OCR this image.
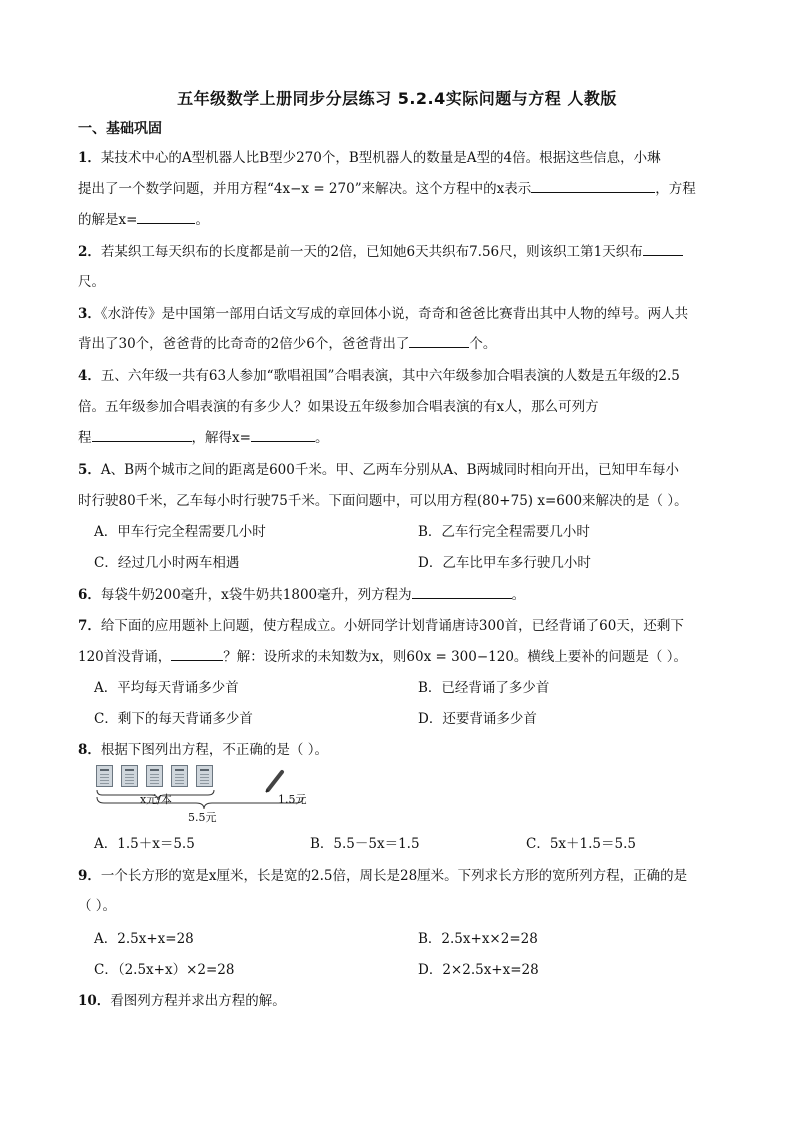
五年级数学上册同步分层练习 5.2.4实际问题与方程 人教版
一、基础巩固
1．某技术中心的A型机器人比B型少270个，B型机器人的数量是A型的4倍。根据这些信息，小琳
提出了一个数学问题，并用方程“4x−x = 270”来解决。这个方程中的x表示	，方程
的解是x=	。
2．若某织工每天织布的长度都是前一天的2倍，已知她6天共织布7.56尺，则该织工第1天织布
尺。
3．《水浒传》是中国第一部用白话文写成的章回体小说，奇奇和爸爸比赛背出其中人物的绰号。两人共
背出了30个，爸爸背的比奇奇的2倍少6个，爸爸背出了	个。
4．五、六年级一共有63人参加“歌唱祖国”合唱表演，其中六年级参加合唱表演的人数是五年级的2.5
倍。五年级参加合唱表演的有多少人？如果设五年级参加合唱表演的有x人，那么可列方
程	，解得x=	。
5．A、B两个城市之间的距离是600千米。甲、乙两车分别从A、B两城同时相向开出，已知甲车每小
时行驶80千米，乙车每小时行驶75千米。下面问题中，可以用方程(80+75) x=600来解决的是（ ）。
A．甲车行完全程需要几小时	B．乙车行完全程需要几小时
C．经过几小时两车相遇	D．乙车比甲车多行驶几小时
6．每袋牛奶200毫升，x袋牛奶共1800毫升，列方程为	。
7．给下面的应用题补上问题，使方程成立。小妍同学计划背诵唐诗300首，已经背诵了60天，还剩下
120首没背诵，	？解：设所求的未知数为x，则60x = 300−120。横线上要补的问题是（ ）。
A．平均每天背诵多少首	B．已经背诵了多少首
C．剩下的每天背诵多少首	D．还要背诵多少首
8．根据下图列出方程，不正确的是（ ）。
x元/本	1.5元
5.5元
A．1.5＋x＝5.5	B．5.5－5x＝1.5	C．5x＋1.5＝5.5
9．一个长方形的宽是x厘米，长是宽的2.5倍，周长是28厘米。下列求长方形的宽所列方程，正确的是
（ ）。
A．2.5x+x=28	B．2.5x+x×2=28
C．（2.5x+x）×2=28	D．2×2.5x+x=28
10．看图列方程并求出方程的解。
